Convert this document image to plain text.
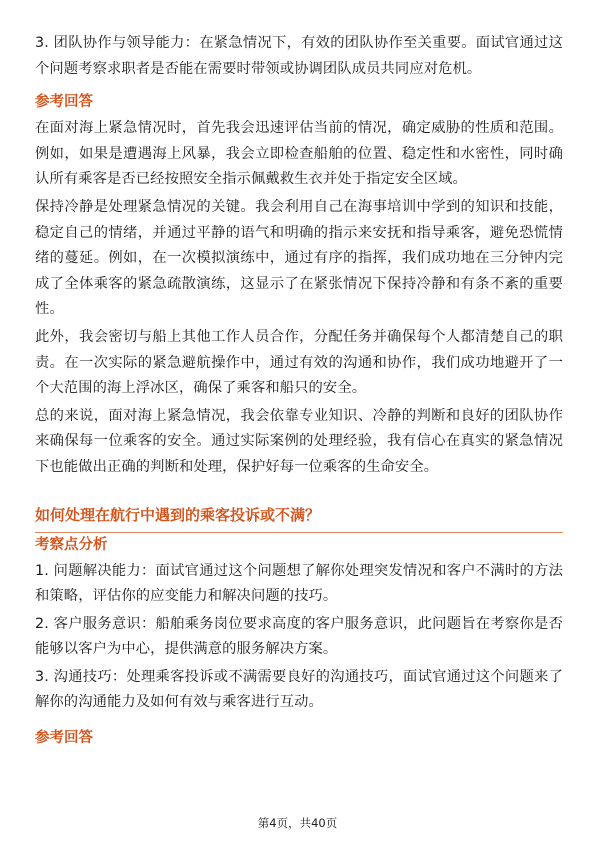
3. 团队协作与领导能力：在紧急情况下，有效的团队协作至关重要。面试官通过这个问题考察求职者是否能在需要时带领或协调团队成员共同应对危机。

参考回答

在面对海上紧急情况时，首先我会迅速评估当前的情况，确定威胁的性质和范围。例如，如果是遭遇海上风暴，我会立即检查船舶的位置、稳定性和水密性，同时确认所有乘客是否已经按照安全指示佩戴救生衣并处于指定安全区域。

保持冷静是处理紧急情况的关键。我会利用自己在海事培训中学到的知识和技能，稳定自己的情绪，并通过平静的语气和明确的指示来安抚和指导乘客，避免恐慌情绪的蔓延。例如，在一次模拟演练中，通过有序的指挥，我们成功地在三分钟内完成了全体乘客的紧急疏散演练，这显示了在紧张情况下保持冷静和有条不紊的重要性。

此外，我会密切与船上其他工作人员合作，分配任务并确保每个人都清楚自己的职责。在一次实际的紧急避航操作中，通过有效的沟通和协作，我们成功地避开了一个大范围的海上浮冰区，确保了乘客和船只的安全。

总的来说，面对海上紧急情况，我会依靠专业知识、冷静的判断和良好的团队协作来确保每一位乘客的安全。通过实际案例的处理经验，我有信心在真实的紧急情况下也能做出正确的判断和处理，保护好每一位乘客的生命安全。

如何处理在航行中遇到的乘客投诉或不满？
考察点分析

1. 问题解决能力：面试官通过这个问题想了解你处理突发情况和客户不满时的方法和策略，评估你的应变能力和解决问题的技巧。

2. 客户服务意识：船舶乘务岗位要求高度的客户服务意识，此问题旨在考察你是否能够以客户为中心，提供满意的服务解决方案。

3. 沟通技巧：处理乘客投诉或不满需要良好的沟通技巧，面试官通过这个问题来了解你的沟通能力及如何有效与乘客进行互动。

参考回答
第4页，共40页
